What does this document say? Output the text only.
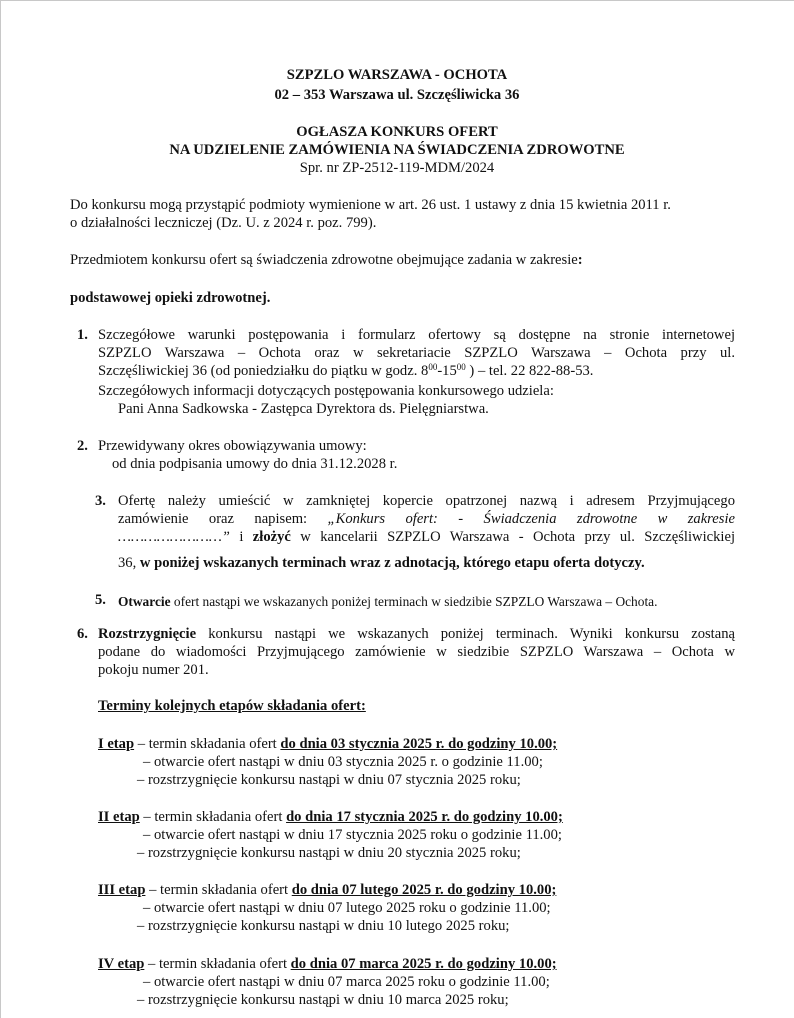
SZPZLO WARSZAWA - OCHOTA
02 – 353 Warszawa ul. Szczęśliwicka 36
OGŁASZA KONKURS OFERT
NA UDZIELENIE ZAMÓWIENIA NA ŚWIADCZENIA ZDROWOTNE
Spr. nr ZP-2512-119-MDM/2024
Do konkursu mogą przystąpić podmioty wymienione w art. 26 ust. 1 ustawy z dnia 15 kwietnia 2011 r.
o działalności leczniczej (Dz. U. z 2024 r. poz. 799).
Przedmiotem konkursu ofert są świadczenia zdrowotne obejmujące zadania w zakresie:
podstawowej opieki zdrowotnej.
1. Szczegółowe warunki postępowania i formularz ofertowy są dostępne na stronie internetowej
SZPZLO Warszawa – Ochota oraz w sekretariacie SZPZLO Warszawa – Ochota przy ul.
Szczęśliwickiej 36 (od poniedziałku do piątku w godz. $8^{00}-15^{00}$ ) – tel. 22 822-88-53.
Szczegółowych informacji dotyczących postępowania konkursowego udziela:
Pani Anna Sadkowska - Zastępca Dyrektora ds. Pielęgniarstwa.
2. Przewidywany okres obowiązywania umowy:
od dnia podpisania umowy do dnia 31.12.2028 r.
3. Ofertę należy umieścić w zamkniętej kopercie opatrzonej nazwą i adresem Przyjmującego
zamówienie oraz napisem: „Konkurs ofert: - Świadczenia zdrowotne w zakresie
……………………” i złożyć w kancelarii SZPZLO Warszawa - Ochota przy ul. Szczęśliwickiej
36, w poniżej wskazanych terminach wraz z adnotacją, którego etapu oferta dotyczy.
5. Otwarcie ofert nastąpi we wskazanych poniżej terminach w siedzibie SZPZLO Warszawa – Ochota.
6. Rozstrzygnięcie konkursu nastąpi we wskazanych poniżej terminach. Wyniki konkursu zostaną
podane do wiadomości Przyjmującego zamówienie w siedzibie SZPZLO Warszawa – Ochota w
pokoju numer 201.
Terminy kolejnych etapów składania ofert:
I etap – termin składania ofert do dnia 03 stycznia 2025 r. do godziny 10.00;
– otwarcie ofert nastąpi w dniu 03 stycznia 2025 r. o godzinie 11.00;
– rozstrzygnięcie konkursu nastąpi w dniu 07 stycznia 2025 roku;
II etap – termin składania ofert do dnia 17 stycznia 2025 r. do godziny 10.00;
– otwarcie ofert nastąpi w dniu 17 stycznia 2025 roku o godzinie 11.00;
– rozstrzygnięcie konkursu nastąpi w dniu 20 stycznia 2025 roku;
III etap – termin składania ofert do dnia 07 lutego 2025 r. do godziny 10.00;
– otwarcie ofert nastąpi w dniu 07 lutego 2025 roku o godzinie 11.00;
– rozstrzygnięcie konkursu nastąpi w dniu 10 lutego 2025 roku;
IV etap – termin składania ofert do dnia 07 marca 2025 r. do godziny 10.00;
– otwarcie ofert nastąpi w dniu 07 marca 2025 roku o godzinie 11.00;
– rozstrzygnięcie konkursu nastąpi w dniu 10 marca 2025 roku;
